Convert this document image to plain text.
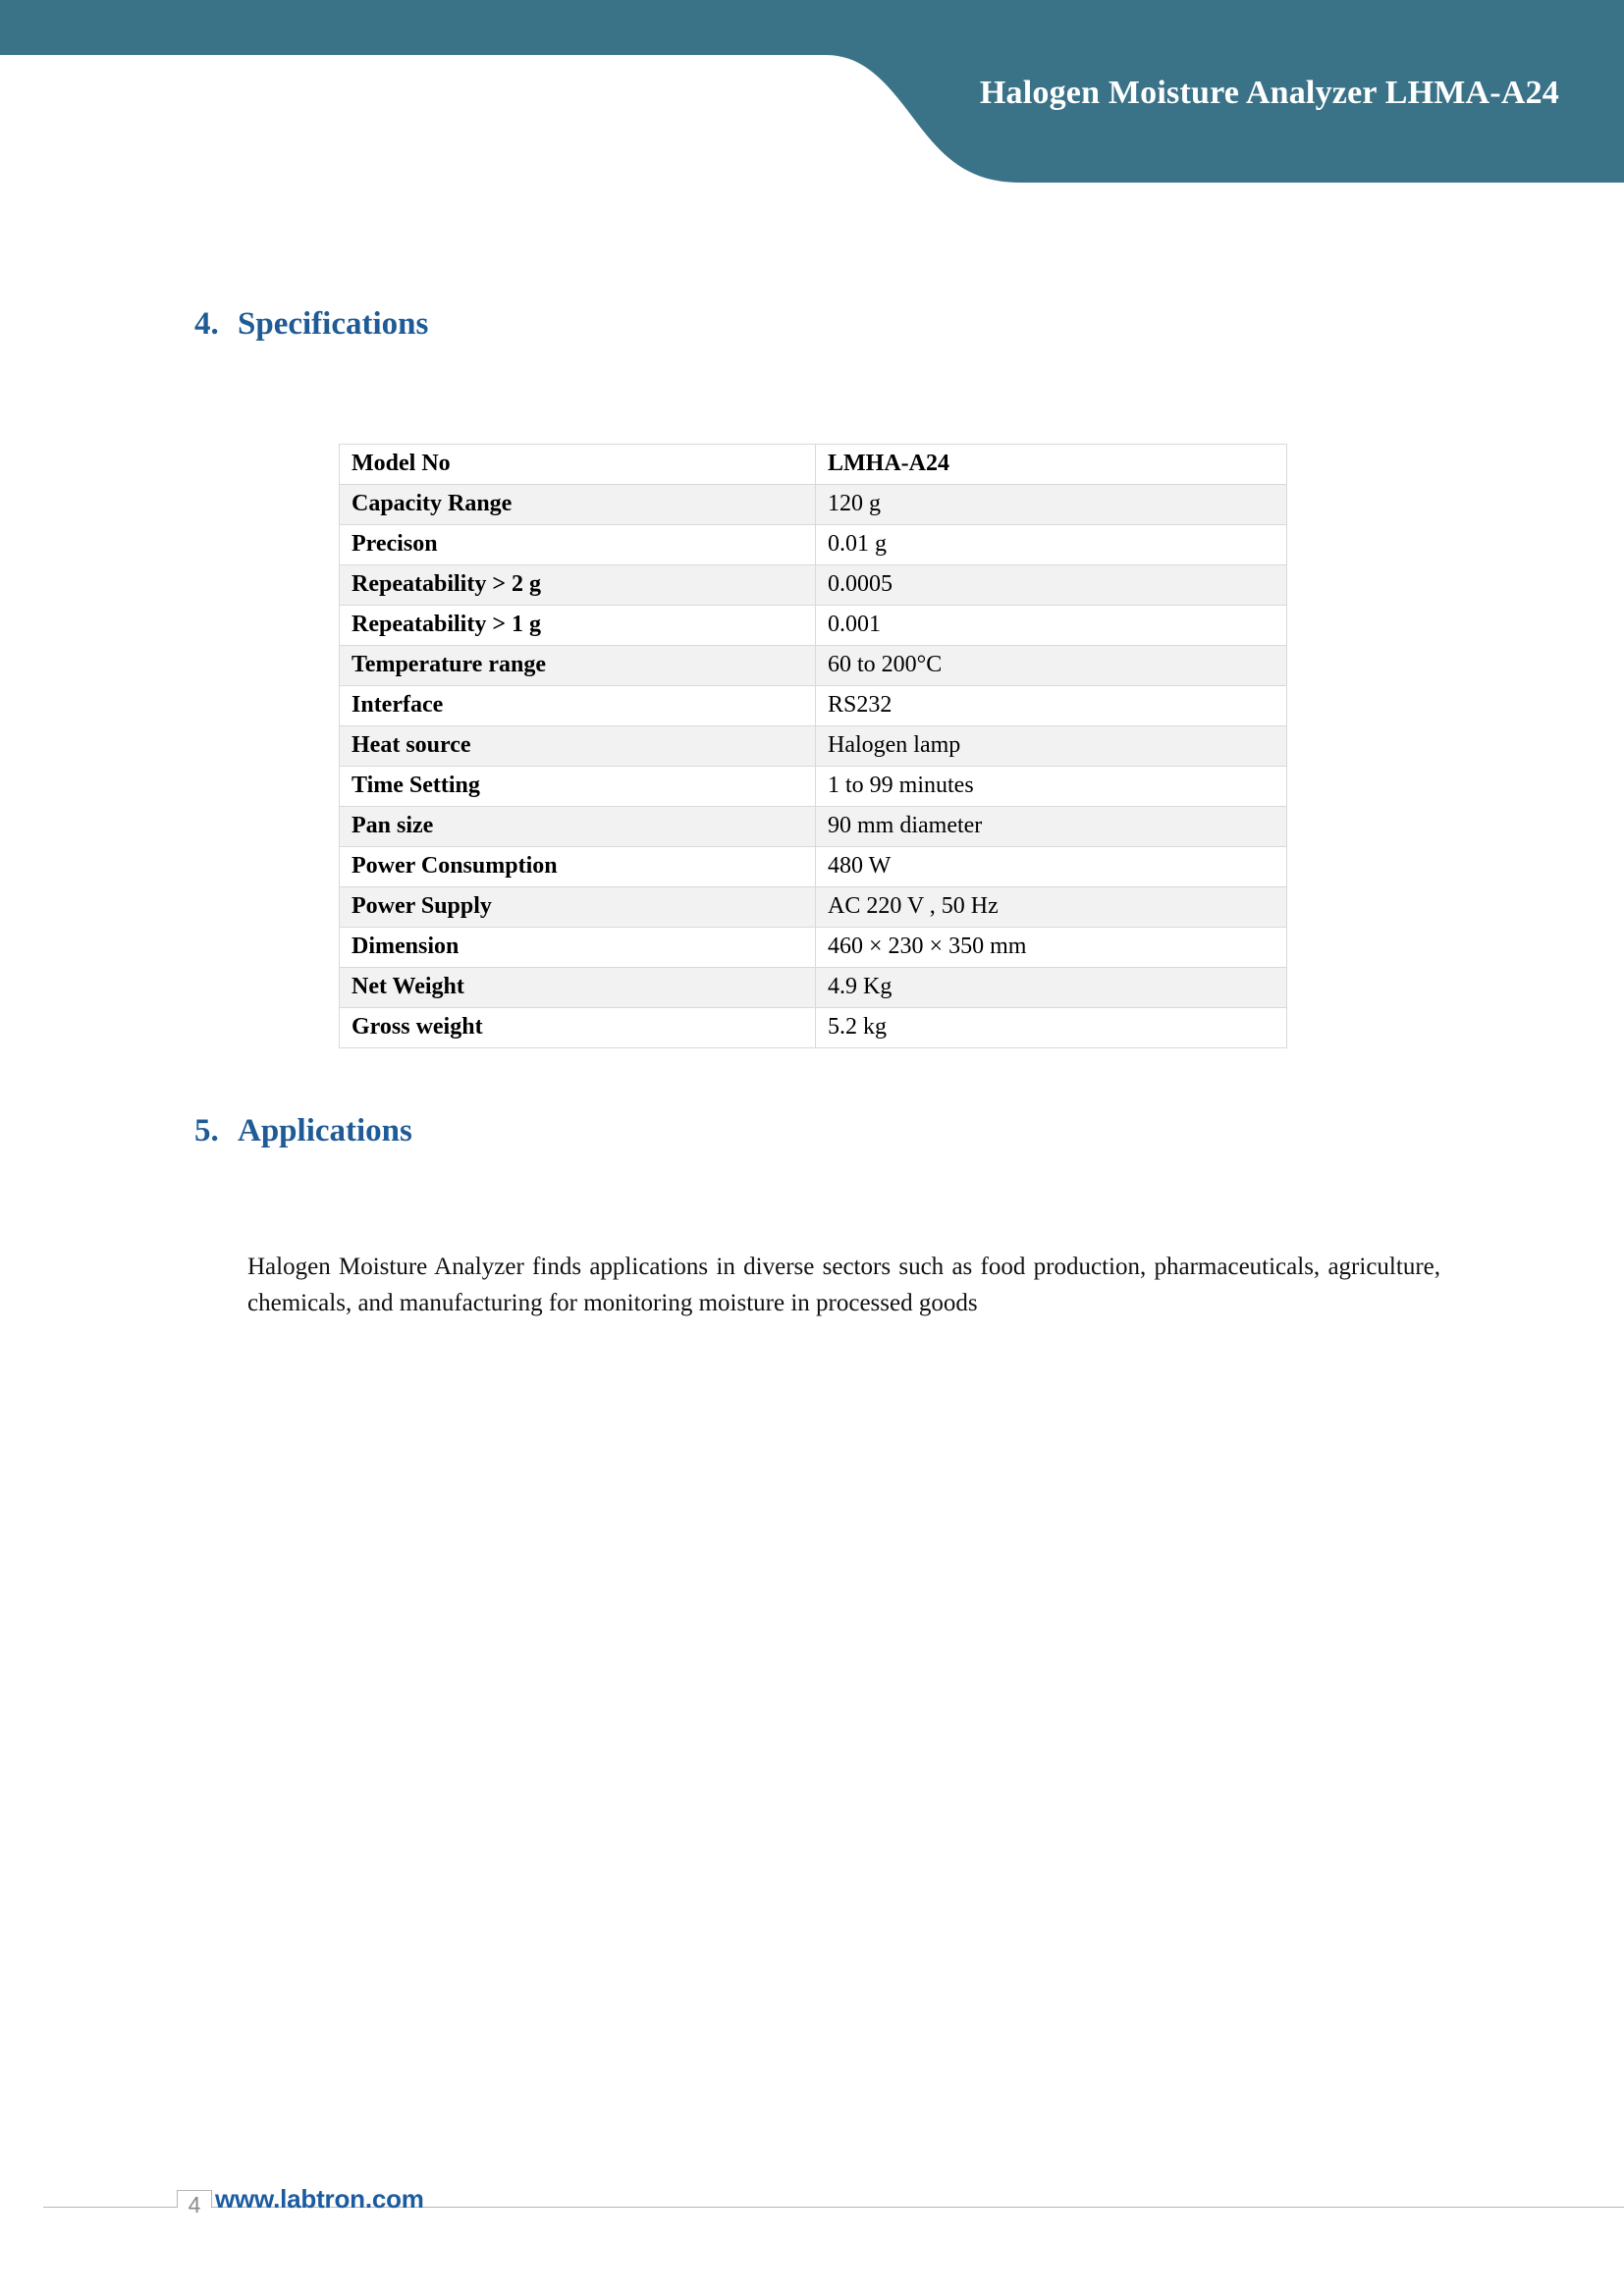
Halogen Moisture Analyzer LHMA-A24
4. Specifications
Model No	LMHA-A24
Capacity Range	120 g
Precison	0.01 g
Repeatability > 2 g	0.0005
Repeatability > 1 g	0.001
Temperature range	60 to 200°C
Interface	RS232
Heat source	Halogen lamp
Time Setting	1 to 99 minutes
Pan size	90 mm diameter
Power Consumption	480 W
Power Supply	AC 220 V , 50 Hz
Dimension	460 × 230 × 350 mm
Net Weight	4.9 Kg
Gross weight	5.2 kg
5. Applications

Halogen Moisture Analyzer finds applications in diverse sectors such as food production, pharmaceuticals, agriculture, chemicals, and manufacturing for monitoring moisture in processed goods

4 www.labtron.com
